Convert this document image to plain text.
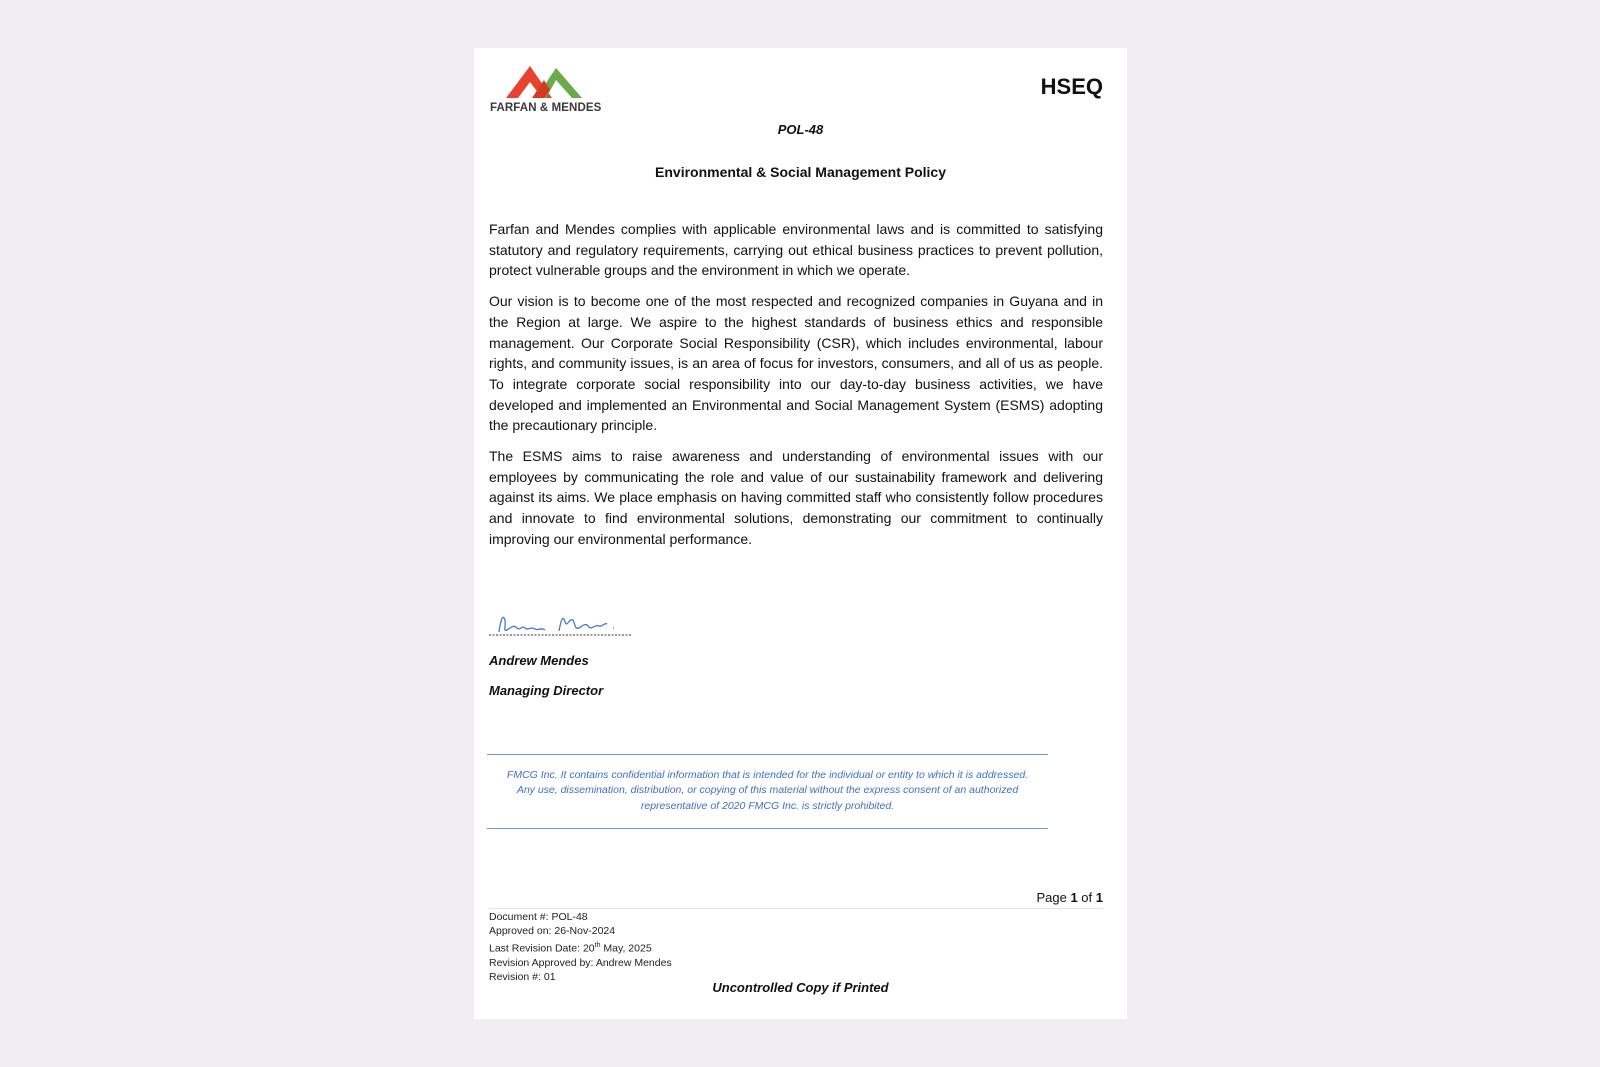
FARFAN & MENDES
HSEQ
POL-48
Environmental & Social Management Policy

Farfan and Mendes complies with applicable environmental laws and is committed to satisfying statutory and regulatory requirements, carrying out ethical business practices to prevent pollution, protect vulnerable groups and the environment in which we operate.

Our vision is to become one of the most respected and recognized companies in Guyana and in the Region at large. We aspire to the highest standards of business ethics and responsible management. Our Corporate Social Responsibility (CSR), which includes environmental, labour rights, and community issues, is an area of focus for investors, consumers, and all of us as people. To integrate corporate social responsibility into our day-to-day business activities, we have developed and implemented an Environmental and Social Management System (ESMS) adopting the precautionary principle.

The ESMS aims to raise awareness and understanding of environmental issues with our employees by communicating the role and value of our sustainability framework and delivering against its aims. We place emphasis on having committed staff who consistently follow procedures and innovate to find environmental solutions, demonstrating our commitment to continually improving our environmental performance.

Andrew Mendes
Managing Director
FMCG Inc. It contains confidential information that is intended for the individual or entity to which it is addressed.
Any use, dissemination, distribution, or copying of this material without the express consent of an authorized
representative of 2020 FMCG Inc. is strictly prohibited.
Page 1 of 1
Document #: POL-48
Approved on: 26-Nov-2024
Last Revision Date: 20th May, 2025
Revision Approved by: Andrew Mendes
Revision #: 01
Uncontrolled Copy if Printed
